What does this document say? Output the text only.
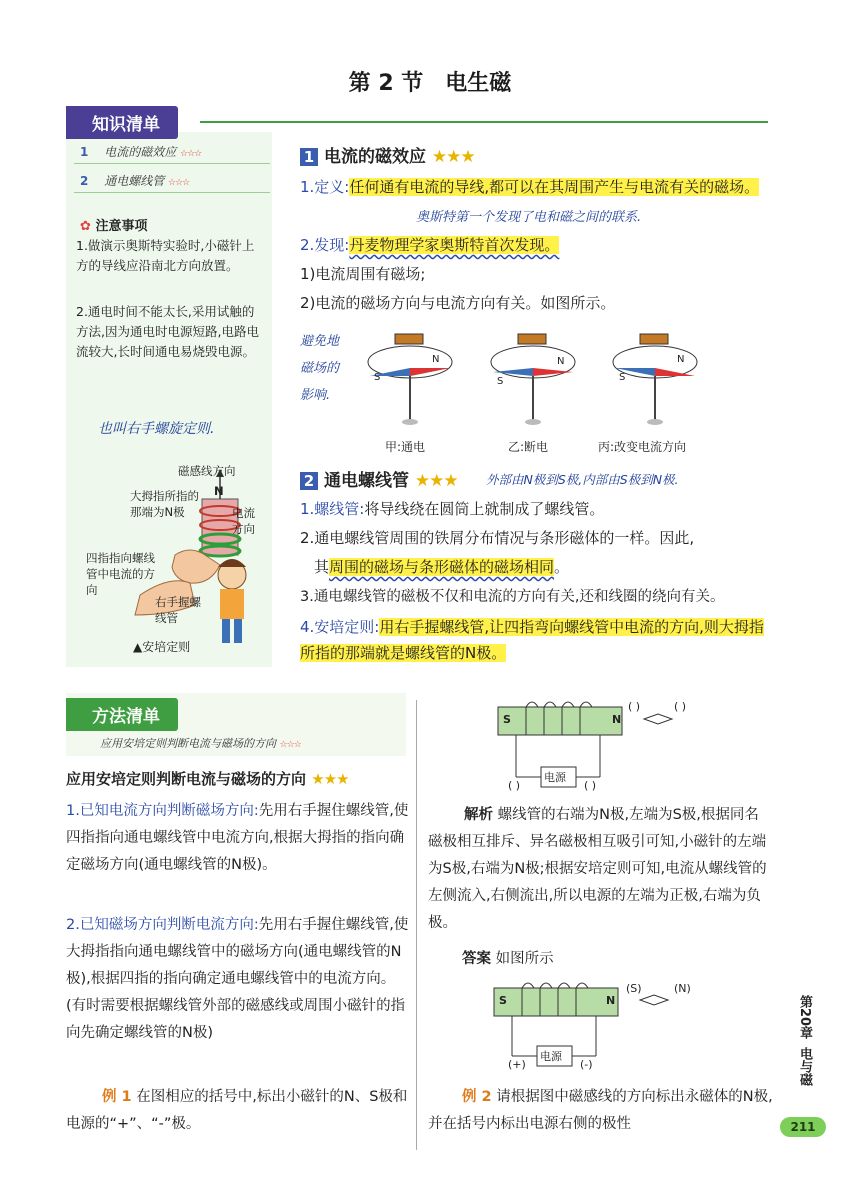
第 2 节　电生磁
知识清单
1 电流的磁效应 ☆☆☆
2 通电螺线管 ☆☆☆
✿ 注意事项
1.做演示奥斯特实验时,小磁针上方的导线应沿南北方向放置。
2.通电时间不能太长,采用试触的方法,因为通电时电源短路,电路电流较大,长时间通电易烧毁电源。
避免地
磁场的
影响.
也叫右手螺旋定则.
磁感线方向
大拇指所指的那端为N极
N
电流方向
四指指向螺线管中电流的方向
右手握螺线管
▲安培定则
1 电流的磁效应 ★★★
1.定义:任何通有电流的导线,都可以在其周围产生与电流有关的磁场。
奥斯特第一个发现了电和磁之间的联系.
2.发现:丹麦物理学家奥斯特首次发现。
1)电流周围有磁场;
2)电流的磁场方向与电流方向有关。如图所示。
S
N
S
N
S
N
甲:通电	乙:断电	丙:改变电流方向
2 通电螺线管 ★★★ 外部由N极到S极,内部由S极到N极.
1.螺线管:将导线绕在圆筒上就制成了螺线管。
2.通电螺线管周围的铁屑分布情况与条形磁体的一样。因此,
其周围的磁场与条形磁体的磁场相同。
3.通电螺线管的磁极不仅和电流的方向有关,还和线圈的绕向有关。
4.安培定则:用右手握螺线管,让四指弯向螺线管中电流的方向,则大拇指所指的那端就是螺线管的N极。
方法清单
应用安培定则判断电流与磁场的方向 ☆☆☆
应用安培定则判断电流与磁场的方向 ★★★
1.已知电流方向判断磁场方向:先用右手握住螺线管,使四指指向通电螺线管中电流方向,根据大拇指的指向确定磁场方向(通电螺线管的N极)。
2.已知磁场方向判断电流方向:先用右手握住螺线管,使大拇指指向通电螺线管中的磁场方向(通电螺线管的N极),根据四指的指向确定通电螺线管中的电流方向。(有时需要根据螺线管外部的磁感线或周围小磁针的指向先确定螺线管的N极)
例 1 在图相应的括号中,标出小磁针的N、S极和电源的“+”、“-”极。
S	N
电源
( )	( )
( )	( )
解析 螺线管的右端为N极,左端为S极,根据同名磁极相互排斥、异名磁极相互吸引可知,小磁针的左端为S极,右端为N极;根据安培定则可知,电流从螺线管的左侧流入,右侧流出,所以电源的左端为正极,右端为负极。
答案 如图所示
S	N
电源
(S)	(N)
(+)	(-)
例 2 请根据图中磁感线的方向标出永磁体的N极,并在括号内标出电源右侧的极性
第20章
电与磁
211
